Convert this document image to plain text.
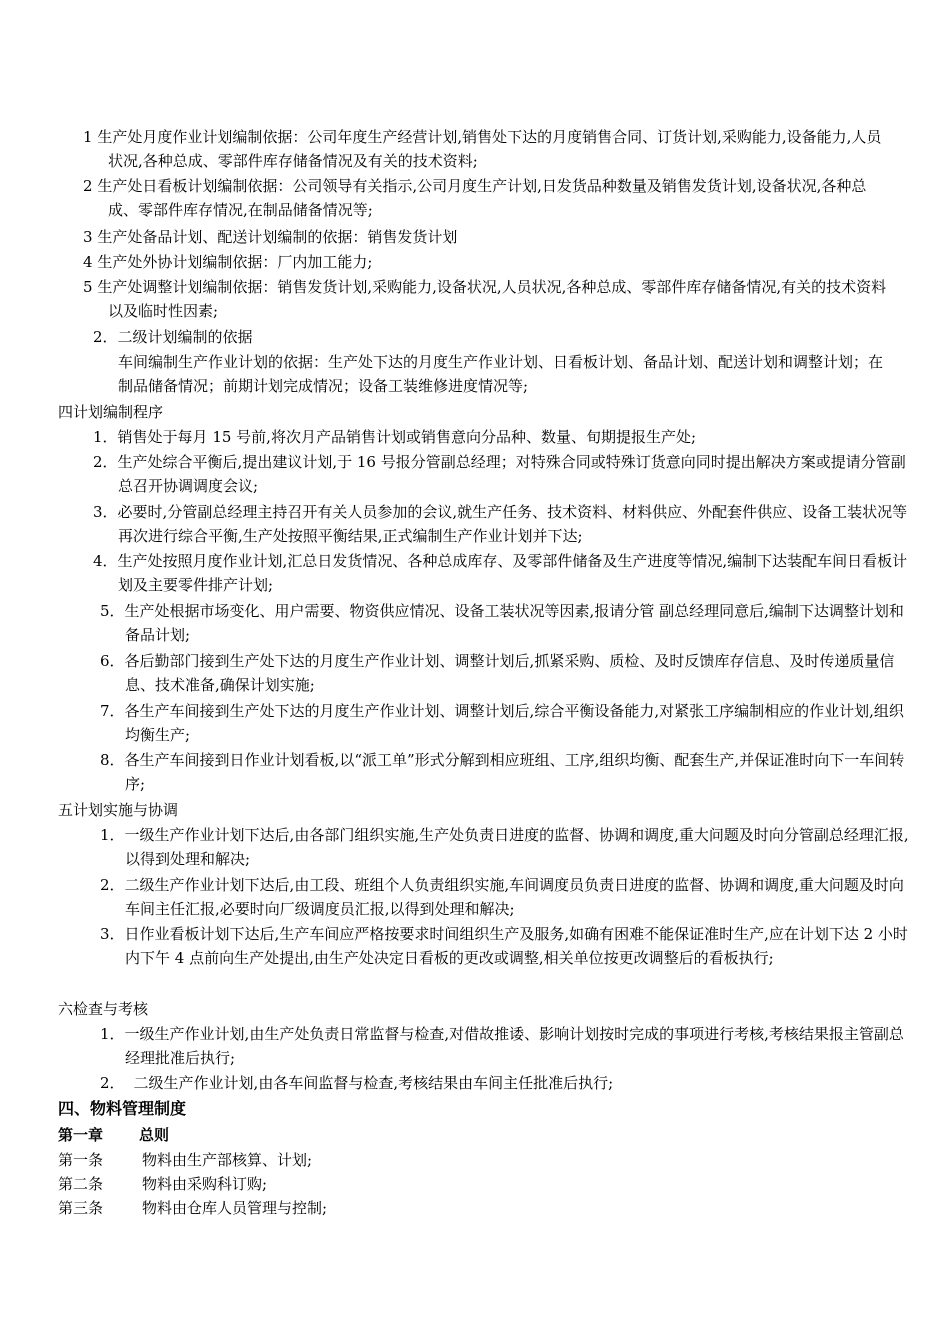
1 生产处月度作业计划编制依据：公司年度生产经营计划,销售处下达的月度销售合同、订货计划,采购能力,设备能力,人员状况,各种总成、零部件库存储备情况及有关的技术资料;
2 生产处日看板计划编制依据：公司领导有关指示,公司月度生产计划,日发货品种数量及销售发货计划,设备状况,各种总成、零部件库存情况,在制品储备情况等;
3 生产处备品计划、配送计划编制的依据：销售发货计划
4 生产处外协计划编制依据：厂内加工能力;
5 生产处调整计划编制依据：销售发货计划,采购能力,设备状况,人员状况,各种总成、零部件库存储备情况,有关的技术资料以及临时性因素;
2．二级计划编制的依据
车间编制生产作业计划的依据：生产处下达的月度生产作业计划、日看板计划、备品计划、配送计划和调整计划；在制品储备情况；前期计划完成情况；设备工装维修进度情况等;
四计划编制程序
1．销售处于每月 15 号前,将次月产品销售计划或销售意向分品种、数量、旬期提报生产处;
2．生产处综合平衡后,提出建议计划,于 16 号报分管副总经理；对特殊合同或特殊订货意向同时提出解决方案或提请分管副总召开协调调度会议;
3．必要时,分管副总经理主持召开有关人员参加的会议,就生产任务、技术资料、材料供应、外配套件供应、设备工装状况等再次进行综合平衡,生产处按照平衡结果,正式编制生产作业计划并下达;
4．生产处按照月度作业计划,汇总日发货情况、各种总成库存、及零部件储备及生产进度等情况,编制下达装配车间日看板计划及主要零件排产计划;
5．生产处根据市场变化、用户需要、物资供应情况、设备工装状况等因素,报请分管 副总经理同意后,编制下达调整计划和备品计划;
6．各后勤部门接到生产处下达的月度生产作业计划、调整计划后,抓紧采购、质检、及时反馈库存信息、及时传递质量信息、技术准备,确保计划实施;
7．各生产车间接到生产处下达的月度生产作业计划、调整计划后,综合平衡设备能力,对紧张工序编制相应的作业计划,组织均衡生产;
8．各生产车间接到日作业计划看板,以“派工单”形式分解到相应班组、工序,组织均衡、配套生产,并保证准时向下一车间转序;
五计划实施与协调
1．一级生产作业计划下达后,由各部门组织实施,生产处负责日进度的监督、协调和调度,重大问题及时向分管副总经理汇报,以得到处理和解决;
2．二级生产作业计划下达后,由工段、班组个人负责组织实施,车间调度员负责日进度的监督、协调和调度,重大问题及时向车间主任汇报,必要时向厂级调度员汇报,以得到处理和解决;
3．日作业看板计划下达后,生产车间应严格按要求时间组织生产及服务,如确有困难不能保证准时生产,应在计划下达 2 小时内下午 4 点前向生产处提出,由生产处决定日看板的更改或调整,相关单位按更改调整后的看板执行;
六检查与考核
1．一级生产作业计划,由生产处负责日常监督与检查,对借故推诿、影响计划按时完成的事项进行考核,考核结果报主管副总经理批准后执行;
2． 二级生产作业计划,由各车间监督与检查,考核结果由车间主任批准后执行;
四、物料管理制度
第一章 总则
第一条	物料由生产部核算、计划;
第二条	物料由采购科订购;
第三条	物料由仓库人员管理与控制;
